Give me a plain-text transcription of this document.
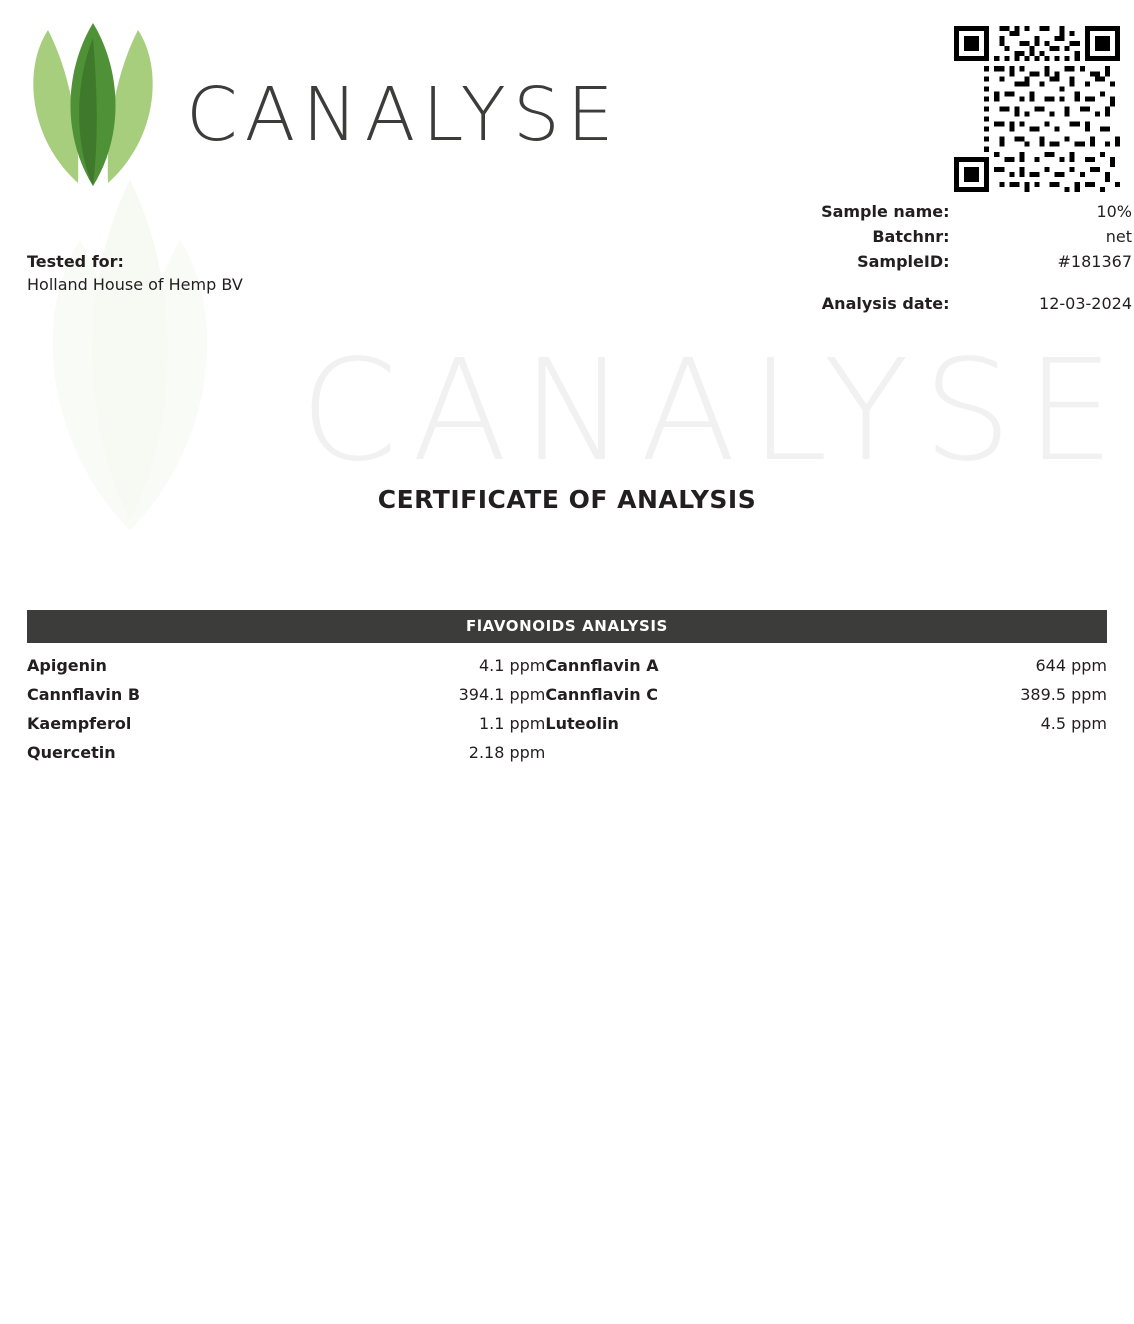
CANALYSE
CANALYSE
Tested for:
Holland House of Hemp BV
Sample name:	10%
Batchnr:	net
SampleID:	#181367

Analysis date:	12-03-2024
CERTIFICATE OF ANALYSIS
FlAVONOIDS ANALYSIS
Apigenin	4.1 ppm	Cannflavin A	644 ppm
Cannflavin B	394.1 ppm	Cannflavin C	389.5 ppm
Kaempferol	1.1 ppm	Luteolin	4.5 ppm
Quercetin	2.18 ppm		
